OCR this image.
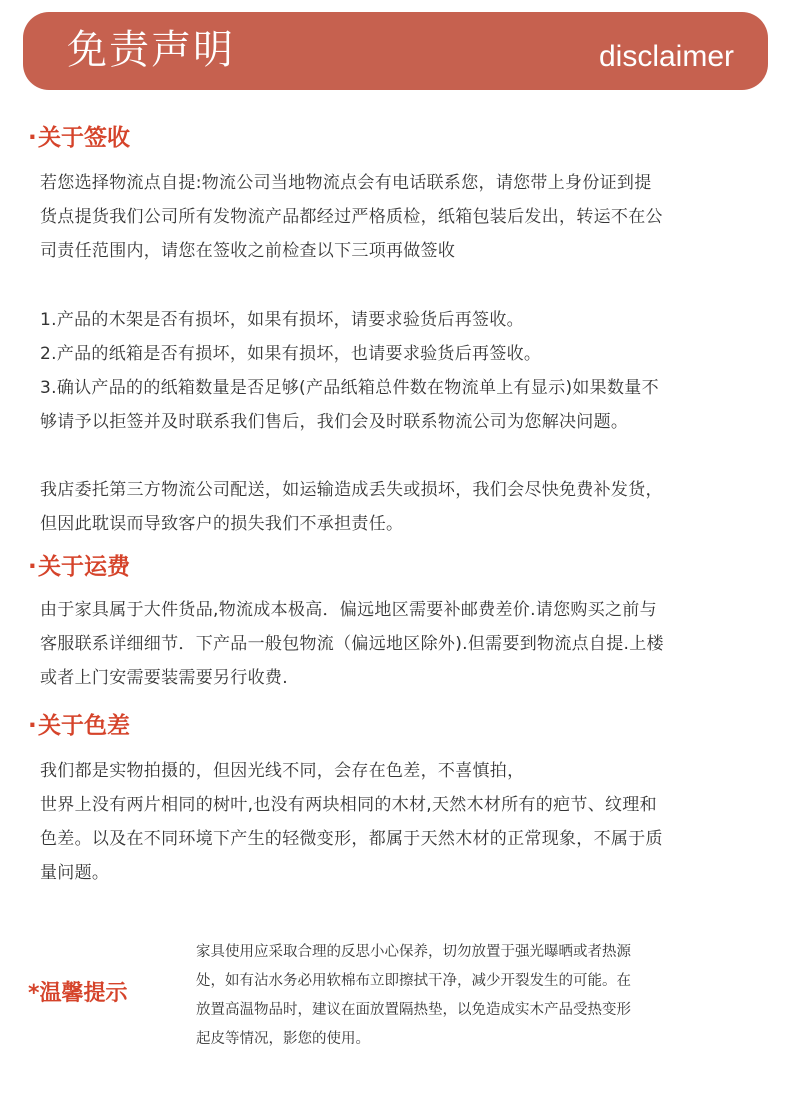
免责声明	disclaimer
·关于签收
若您选择物流点自提:物流公司当地物流点会有电话联系您，请您带上身份证到提
货点提货我们公司所有发物流产品都经过严格质检，纸箱包装后发出，转运不在公
司责任范围内，请您在签收之前检查以下三项再做签收
1.产品的木架是否有损坏，如果有损坏，请要求验货后再签收。
2.产品的纸箱是否有损坏，如果有损坏，也请要求验货后再签收。
3.确认产品的的纸箱数量是否足够(产品纸箱总件数在物流单上有显示)如果数量不
够请予以拒签并及时联系我们售后，我们会及时联系物流公司为您解决问题。
我店委托第三方物流公司配送，如运输造成丢失或损坏，我们会尽快免费补发货，
但因此耽误而导致客户的损失我们不承担责任。
·关于运费
由于家具属于大件货品,物流成本极高．偏远地区需要补邮费差价.请您购买之前与
客服联系详细细节．下产品一般包物流（偏远地区除外).但需要到物流点自提.上楼
或者上门安需要装需要另行收费.
·关于色差
我们都是实物拍摄的，但因光线不同，会存在色差，不喜慎拍，
世界上没有两片相同的树叶,也没有两块相同的木材,天然木材所有的疤节、纹理和
色差。以及在不同环境下产生的轻微变形，都属于天然木材的正常现象，不属于质
量问题。
*温馨提示
家具使用应采取合理的反思小心保养，切勿放置于强光曝晒或者热源
处，如有沾水务必用软棉布立即擦拭干净，减少开裂发生的可能。在
放置高温物品时，建议在面放置隔热垫，以免造成实木产品受热变形
起皮等情况，影您的使用。
